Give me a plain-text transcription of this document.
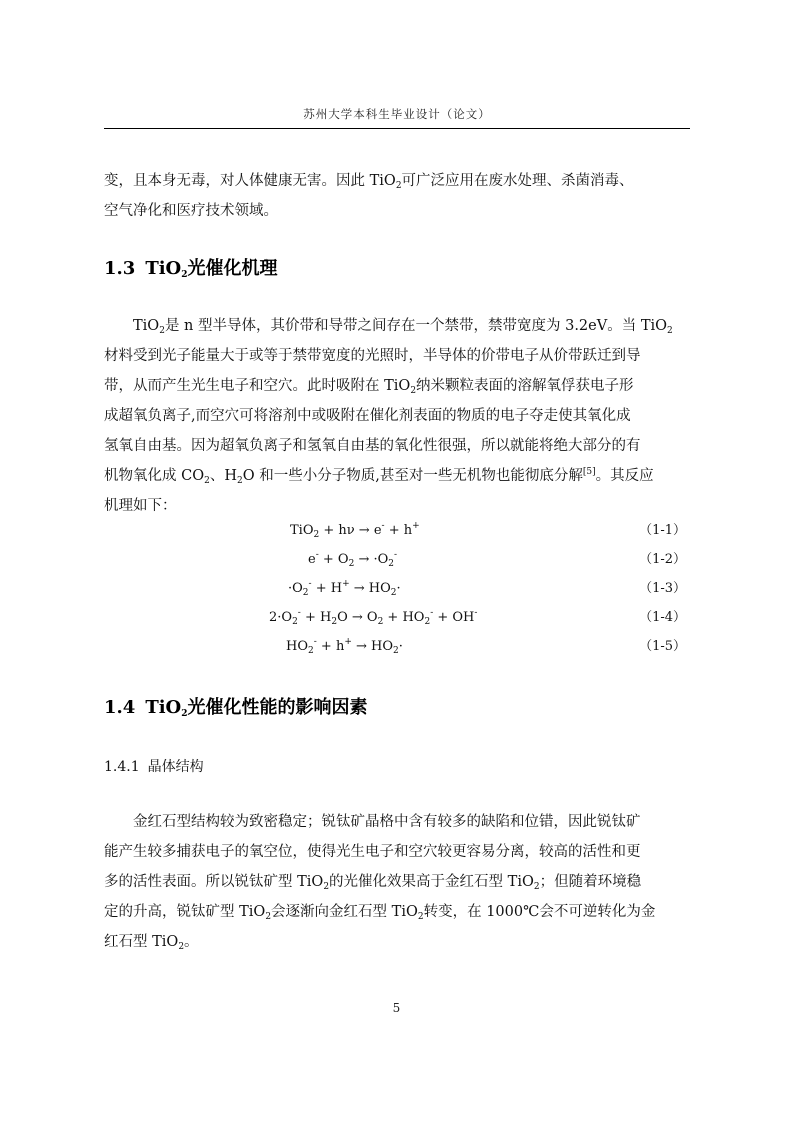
苏州大学本科生毕业设计（论文）

变，且本身无毒，对人体健康无害。因此 TiO$_2$可广泛应用在废水处理、杀菌消毒、
空气净化和医疗技术领域。

1.3 TiO$_2$光催化机理

TiO$_2$是 n 型半导体，其价带和导带之间存在一个禁带，禁带宽度为 3.2eV。当 TiO$_2$
材料受到光子能量大于或等于禁带宽度的光照时，半导体的价带电子从价带跃迁到导
带，从而产生光生电子和空穴。此时吸附在 TiO$_2$纳米颗粒表面的溶解氧俘获电子形
成超氧负离子,而空穴可将溶剂中或吸附在催化剂表面的物质的电子夺走使其氧化成
氢氧自由基。因为超氧负离子和氢氧自由基的氧化性很强，所以就能将绝大部分的有
机物氧化成 $CO_2$、$H_2O$ 和一些小分子物质,甚至对一些无机物也能彻底分解[5]。其反应
机理如下：

TiO$_2$ + hν → e- + h+	（1-1）
$e^- + O_2 \to \cdot O_2^-$	（1-2）
$\cdot O_2^- + H^+ \to HO_2\cdot$	（1-3）
$2\cdot O_2^- + H_2O \to O_2 + HO_2^- + OH^-$	（1-4）
$HO_2^- + h^+ \to HO_2\cdot$	（1-5）
1.4 TiO$_2$光催化性能的影响因素
1.4.1 晶体结构

金红石型结构较为致密稳定；锐钛矿晶格中含有较多的缺陷和位错，因此锐钛矿
能产生较多捕获电子的氧空位，使得光生电子和空穴较更容易分离，较高的活性和更
多的活性表面。所以锐钛矿型 TiO$_2$的光催化效果高于金红石型 TiO$_2$；但随着环境稳
定的升高，锐钛矿型 TiO$_2$会逐渐向金红石型 TiO$_2$转变，在 1000℃会不可逆转化为金
红石型 TiO$_2$。

5
